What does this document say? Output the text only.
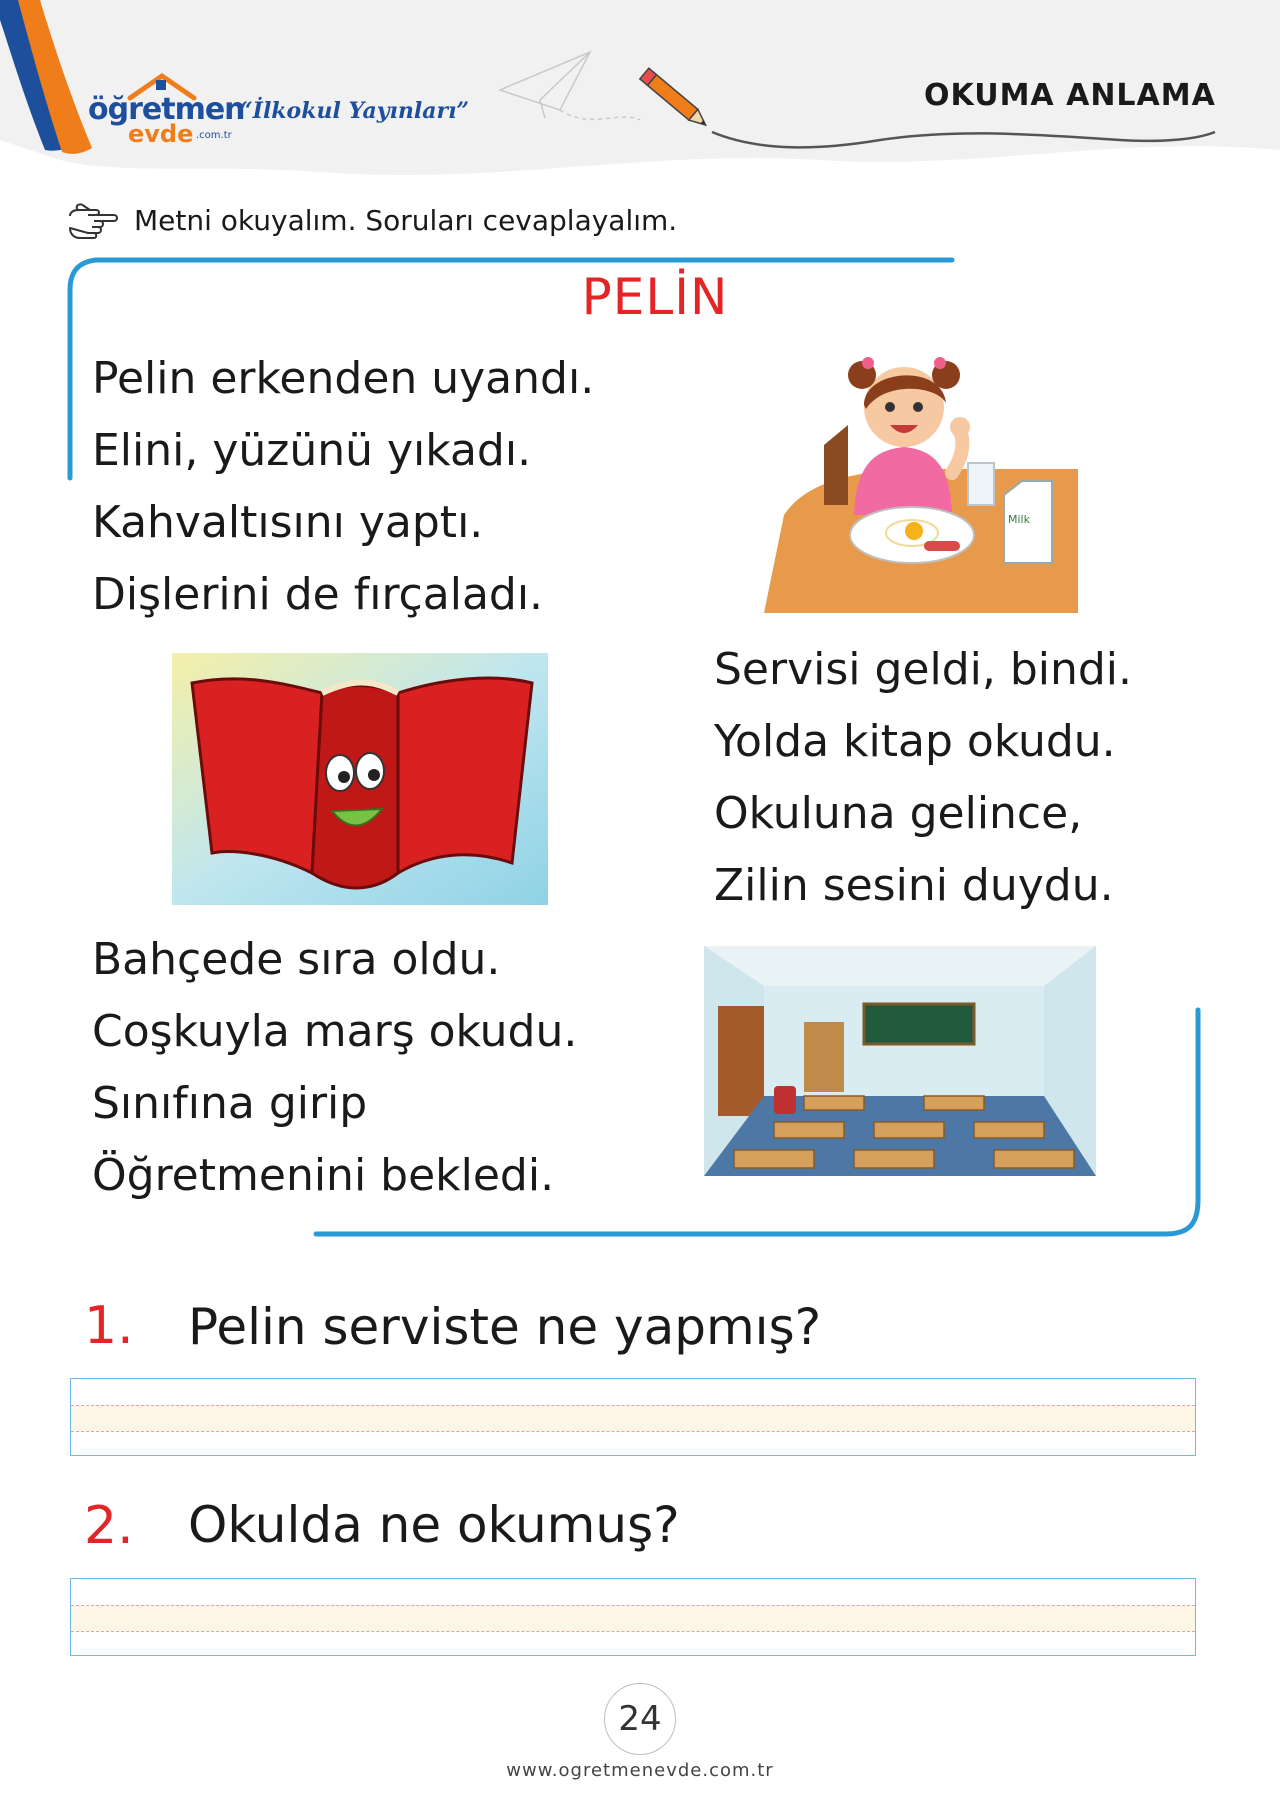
öğretmen
evde .com.tr
“İlkokul Yayınları”	OKUMA ANLAMA
Metni okuyalım. Soruları cevaplayalım.
PELİN
Pelin erkenden uyandı.
Elini, yüzünü yıkadı.
Kahvaltısını yaptı.
Dişlerini de fırçaladı.
Servisi geldi, bindi.
Yolda kitap okudu.
Okuluna gelince,
Zilin sesini duydu.
Bahçede sıra oldu.
Coşkuyla marş okudu.
Sınıfına girip
Öğretmenini bekledi.
Milk
1. Pelin serviste ne yapmış?
2. Okulda ne okumuş?
24
www.ogretmenevde.com.tr
